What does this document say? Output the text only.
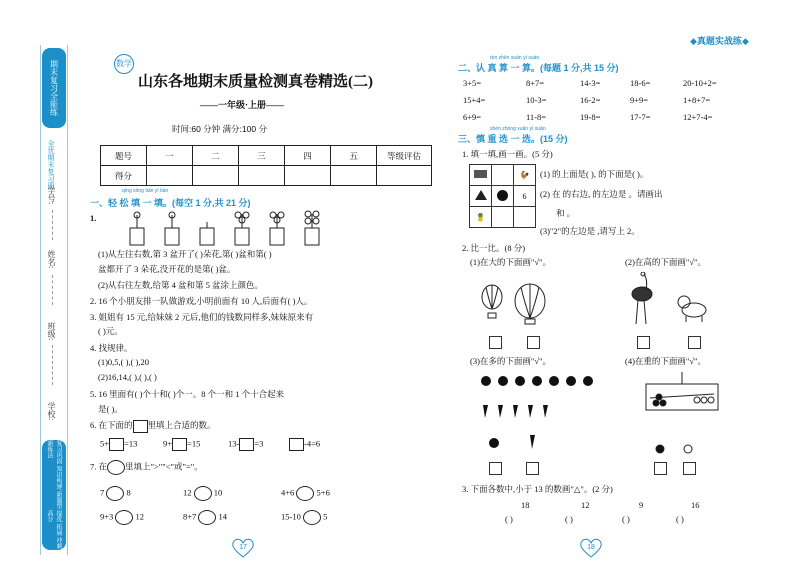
期末复习全能练
全优期末复习册
学号:
姓名:
班级:
学校:
复习巩固 知识构建 新题型 新练法
提优 拓展 冲刺高分
数学
山东各地期末质量检测真卷精选(二)
——一年级·上册——
时间:60 分钟 满分:100 分
题号	一	二	三	四	五	等级评估
得分						
qīng sōng tián yì tián
一、轻 松 填 一 填。(每空 1 分,共 21 分)
1.
(1)从左往右数,第 3 盆开了( )朵花,第( )盆和第( )
盆都开了 3 朵花,没开花的是第( )盆。
(2)从右往左数,给第 4 盆和第 5 盆涂上颜色。
2. 16 个小朋友排一队做游戏,小明前面有 10 人,后面有( )人。
3. 姐姐有 15 元,给妹妹 2 元后,他们的钱数同样多,妹妹原来有
( )元。
4. 找规律。
(1)0,5,( ),( ),20
(2)16,14,( ),( ),( )
5. 16 里面有( )个十和( )个一。8 个一和 1 个十合起来
是( )。
6. 在下面的 里填上合适的数。
5+ =13	9+ =15	13- =3	-4=6
7. 在 里填上">""<"或"="。
7	8	12	10	4+6	5+6
9+3	12	8+7	14	15-10	5
17
◆真题实战练◆
rèn zhēn suàn yì suàn
二、认 真 算 一 算。(每题 1 分,共 15 分)
3+5=	8+7=	14-3=	18-6=	20-10+2=
15+4=	10-3=	16-2=	9+9=	1+8+7=
6+9=	11-8=	19-8=	17-7=	12+7-4=
shèn zhòng xuǎn yì xuǎn
三、慎 重 选 一 选。(15 分)
1. 填一填,画一画。(5 分)
		🐓
		6
🍍		
(1) 的上面是( ), 的下面是( )。
(2) 在 的右边, 的左边是 。请画出
和 。
(3)"2"的左边是 ,请写上 2。
2. 比一比。(8 分)
(1)在大的下面画"√"。	(2)在高的下面画"√"。
(3)在多的下面画"√"。	(4)在重的下面画"√"。
3. 下面各数中,小于 13 的数画"△"。(2 分)
18	12	9	16
( )	( )	( )	( )
18
